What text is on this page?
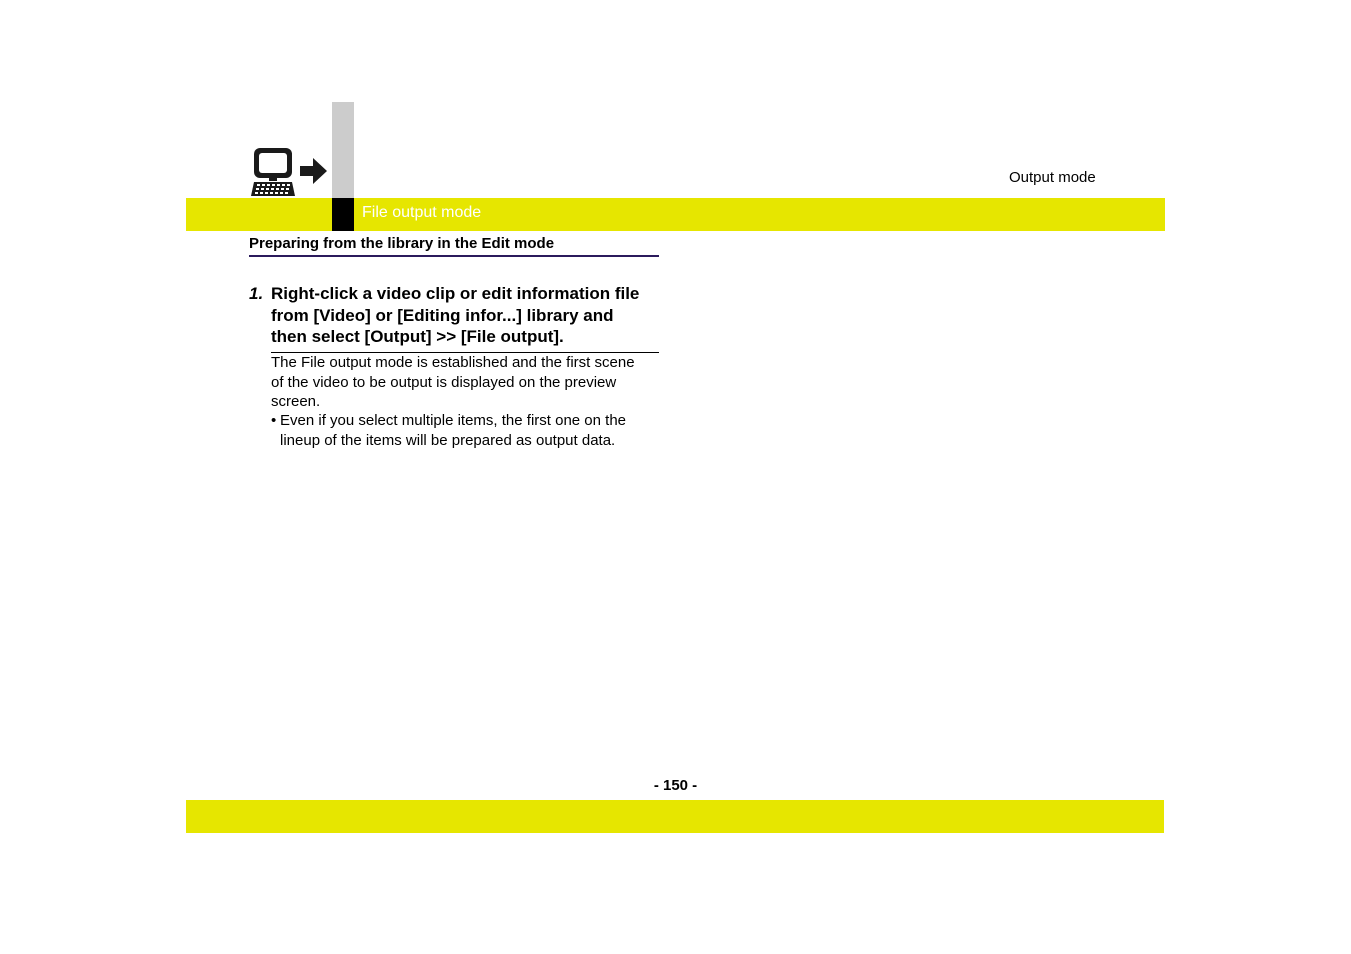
Output mode
File output mode
Preparing from the library in the Edit mode
1. Right-click a video clip or edit information file
from [Video] or [Editing infor...] library and
then select [Output] >> [File output].
The File output mode is established and the first scene
of the video to be output is displayed on the preview
screen.
• Even if you select multiple items, the first one on the
lineup of the items will be prepared as output data.
- 150 -
